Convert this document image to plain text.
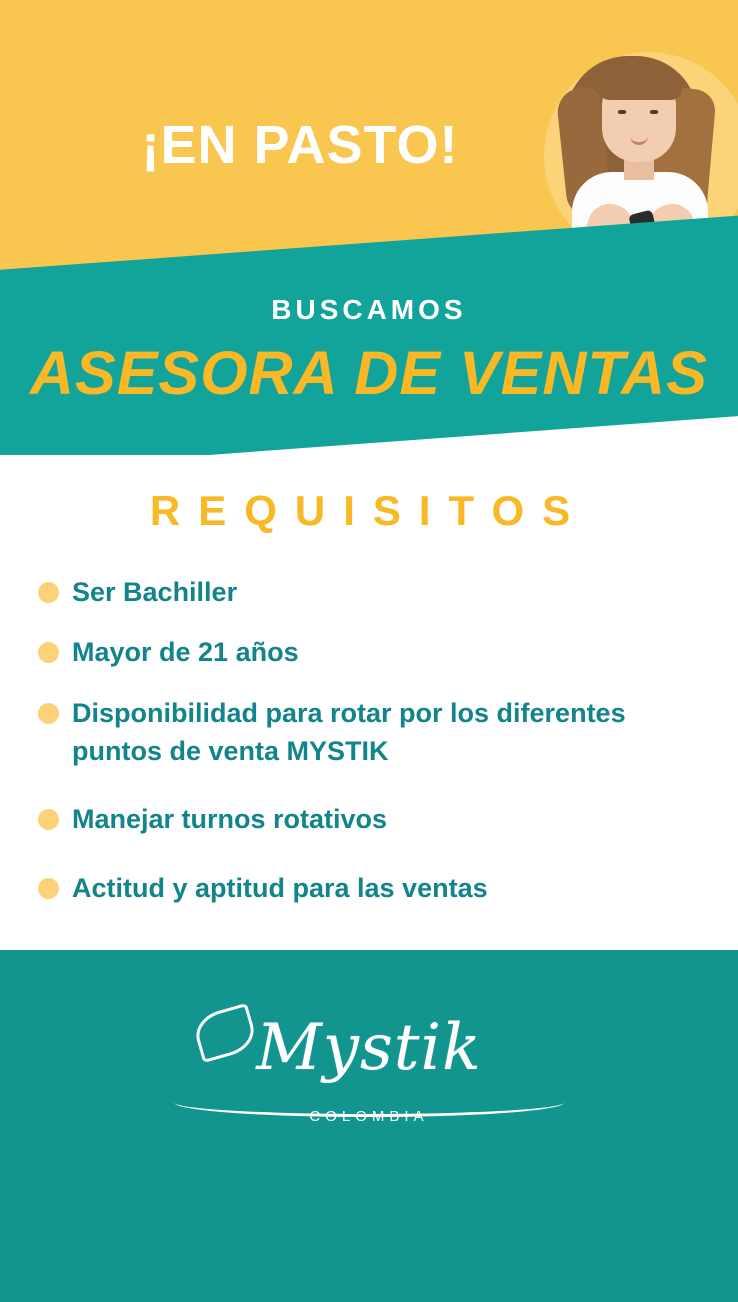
¡EN PASTO!
BUSCAMOS
ASESORA DE VENTAS
REQUISITOS
Ser Bachiller
Mayor de 21 años
Disponibilidad para rotar por los diferentes puntos de venta MYSTIK
Manejar turnos rotativos
Actitud y aptitud para las ventas
Mystik
COLOMBIA
